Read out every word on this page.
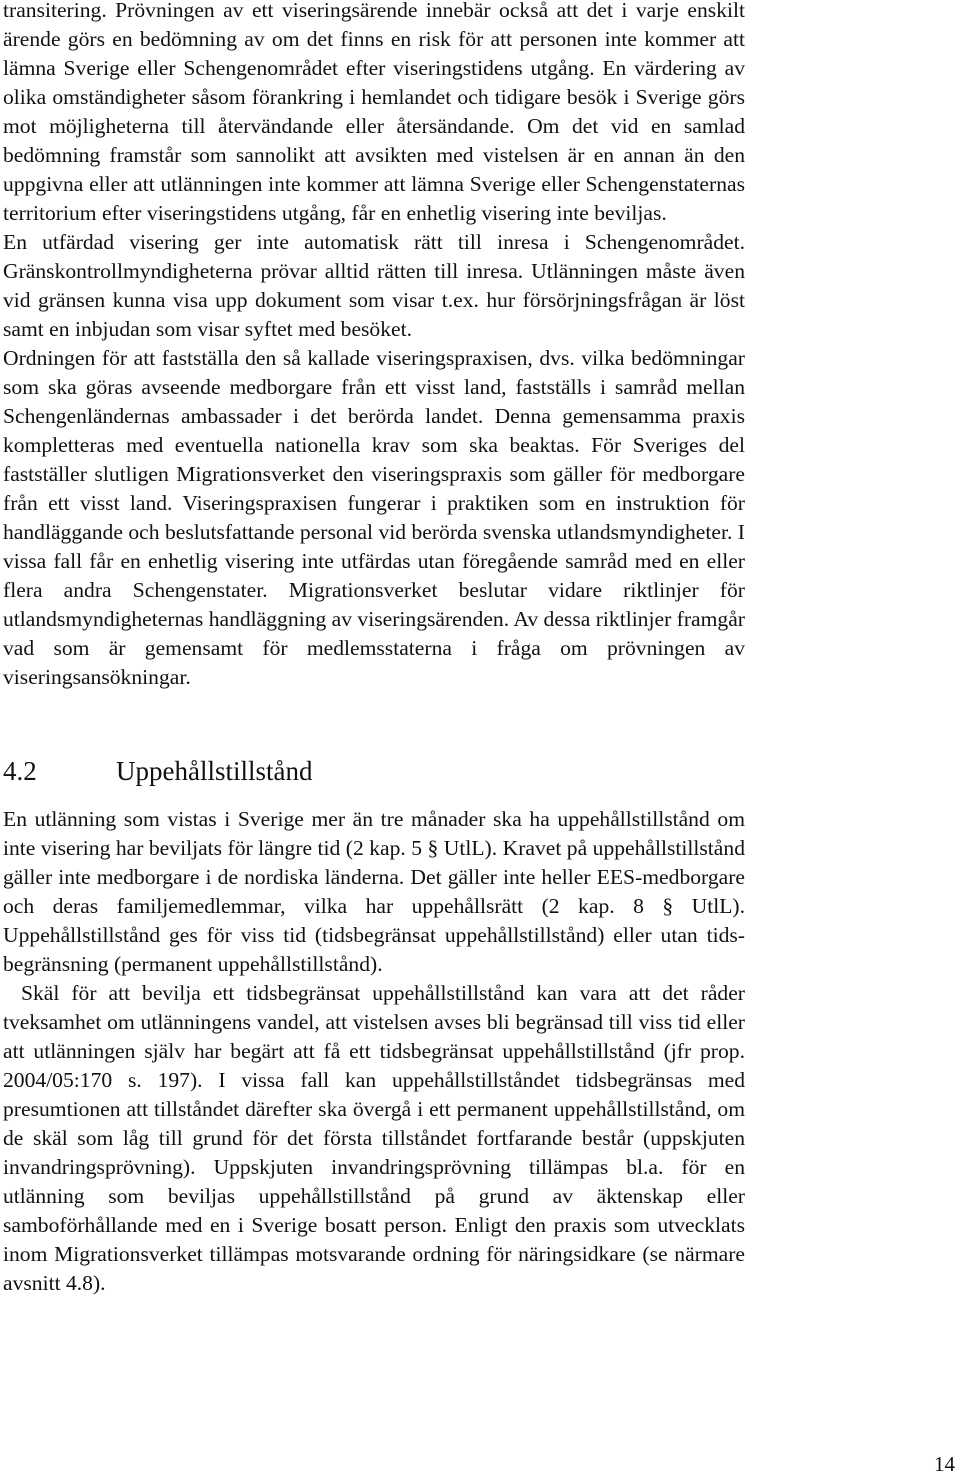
transitering. Prövningen av ett viseringsärende innebär också att det i varje enskilt ärende görs en bedömning av om det finns en risk för att personen inte kommer att lämna Sverige eller Schengenområdet efter viseringstidens utgång. En värdering av olika omständigheter såsom förankring i hemlandet och tidigare besök i Sverige görs mot möjligheterna till återvändande eller återsändande. Om det vid en samlad bedömning framstår som sannolikt att avsikten med vistelsen är en annan än den uppgivna eller att utlänningen inte kommer att lämna Sverige eller Schengenstaternas territorium efter viseringstidens utgång, får en enhetlig visering inte beviljas.

En utfärdad visering ger inte automatisk rätt till inresa i Schengenområdet. Gränskontrollmyndigheterna prövar alltid rätten till inresa. Utlänningen måste även vid gränsen kunna visa upp dokument som visar t.ex. hur försörjningsfrågan är löst samt en inbjudan som visar syftet med besöket.

Ordningen för att fastställa den så kallade viseringspraxisen, dvs. vilka bedömningar som ska göras avseende medborgare från ett visst land, fastställs i samråd mellan Schengenländernas ambassader i det berörda landet. Denna gemensamma praxis kompletteras med eventuella nationella krav som ska beaktas. För Sveriges del fastställer slutligen Migrationsverket den viseringspraxis som gäller för medborgare från ett visst land. Viseringspraxisen fungerar i praktiken som en instruktion för handläggande och beslutsfattande personal vid berörda svenska utlandsmyndigheter. I vissa fall får en enhetlig visering inte utfärdas utan föregående samråd med en eller flera andra Schengenstater. Migrationsverket beslutar vidare riktlinjer för utlandsmyndigheternas handläggning av viseringsärenden. Av dessa riktlinjer framgår vad som är gemensamt för medlemsstaterna i fråga om prövningen av viseringsansökningar.

4.2	Uppehållstillstånd

En utlänning som vistas i Sverige mer än tre månader ska ha uppehållstillstånd om inte visering har beviljats för längre tid (2 kap. 5 § UtlL). Kravet på uppehållstillstånd gäller inte medborgare i de nordiska länderna. Det gäller inte heller EES-medborgare och deras familjemedlemmar, vilka har uppehållsrätt (2 kap. 8 § UtlL). Uppehållstillstånd ges för viss tid (tidsbegränsat uppehållstillstånd) eller utan tidsbegränsning (permanent uppehållstillstånd).

Skäl för att bevilja ett tidsbegränsat uppehållstillstånd kan vara att det råder tveksamhet om utlänningens vandel, att vistelsen avses bli begränsad till viss tid eller att utlänningen själv har begärt att få ett tidsbegränsat uppehållstillstånd (jfr prop. 2004/05:170 s. 197). I vissa fall kan uppehållstillståndet tidsbegränsas med presumtionen att tillståndet därefter ska övergå i ett permanent uppehållstillstånd, om de skäl som låg till grund för det första tillståndet fortfarande består (uppskjuten invandringsprövning). Uppskjuten invandringsprövning tillämpas bl.a. för en utlänning som beviljas uppehållstillstånd på grund av äktenskap eller samboförhållande med en i Sverige bosatt person. Enligt den praxis som utvecklats inom Migrationsverket tillämpas motsvarande ordning för näringsidkare (se närmare avsnitt 4.8).

14
